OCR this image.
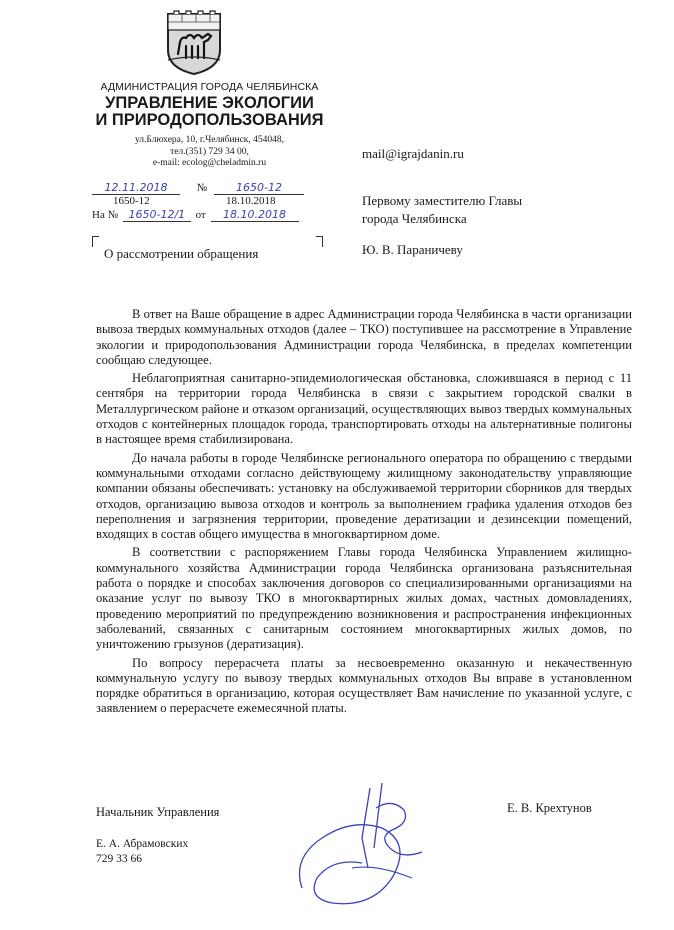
АДМИНИСТРАЦИЯ ГОРОДА ЧЕЛЯБИНСКА
УПРАВЛЕНИЕ ЭКОЛОГИИ
И ПРИРОДОПОЛЬЗОВАНИЯ
ул.Блюхера, 10, г.Челябинск, 454048,
тел.(351) 729 34 00,
e-mail: ecolog@cheladmin.ru
12.11.2018	№	1650-12
1650-12	18.10.2018
На № 1650-12/1 от 18.10.2018
О рассмотрении обращения
mail@igrajdanin.ru
Первому заместителю Главы
города Челябинска
Ю. В. Параничеву

В ответ на Ваше обращение в адрес Администрации города Челябинска в части организации вывоза твердых коммунальных отходов (далее – ТКО) поступившее на рассмотрение в Управление экологии и природопользования Администрации города Челябинска, в пределах компетенции сообщаю следующее.

Неблагоприятная санитарно-эпидемиологическая обстановка, сложившаяся в период с 11 сентября на территории города Челябинска в связи с закрытием городской свалки в Металлургическом районе и отказом организаций, осуществляющих вывоз твердых коммунальных отходов с контейнерных площадок города, транспортировать отходы на альтернативные полигоны в настоящее время стабилизирована.

До начала работы в городе Челябинске регионального оператора по обращению с твердыми коммунальными отходами согласно действующему жилищному законодательству управляющие компании обязаны обеспечивать: установку на обслуживаемой территории сборников для твердых отходов, организацию вывоза отходов и контроль за выполнением графика удаления отходов без переполнения и загрязнения территории, проведение дератизации и дезинсекции помещений, входящих в состав общего имущества в многоквартирном доме.

В соответствии с распоряжением Главы города Челябинска Управлением жилищно-коммунального хозяйства Администрации города Челябинска организована разъяснительная работа о порядке и способах заключения договоров со специализированными организациями на оказание услуг по вывозу ТКО в многоквартирных жилых домах, частных домовладениях, проведению мероприятий по предупреждению возникновения и распространения инфекционных заболеваний, связанных с санитарным состоянием многоквартирных жилых домов, по уничтожению грызунов (дератизация).

По вопросу перерасчета платы за несвоевременно оказанную и некачественную коммунальную услугу по вывозу твердых коммунальных отходов Вы вправе в установленном порядке обратиться в организацию, которая осуществляет Вам начисление по указанной услуге, с заявлением о перерасчете ежемесячной платы.

Начальник Управления	Е. В. Крехтунов
Е. А. Абрамовских
729 33 66
